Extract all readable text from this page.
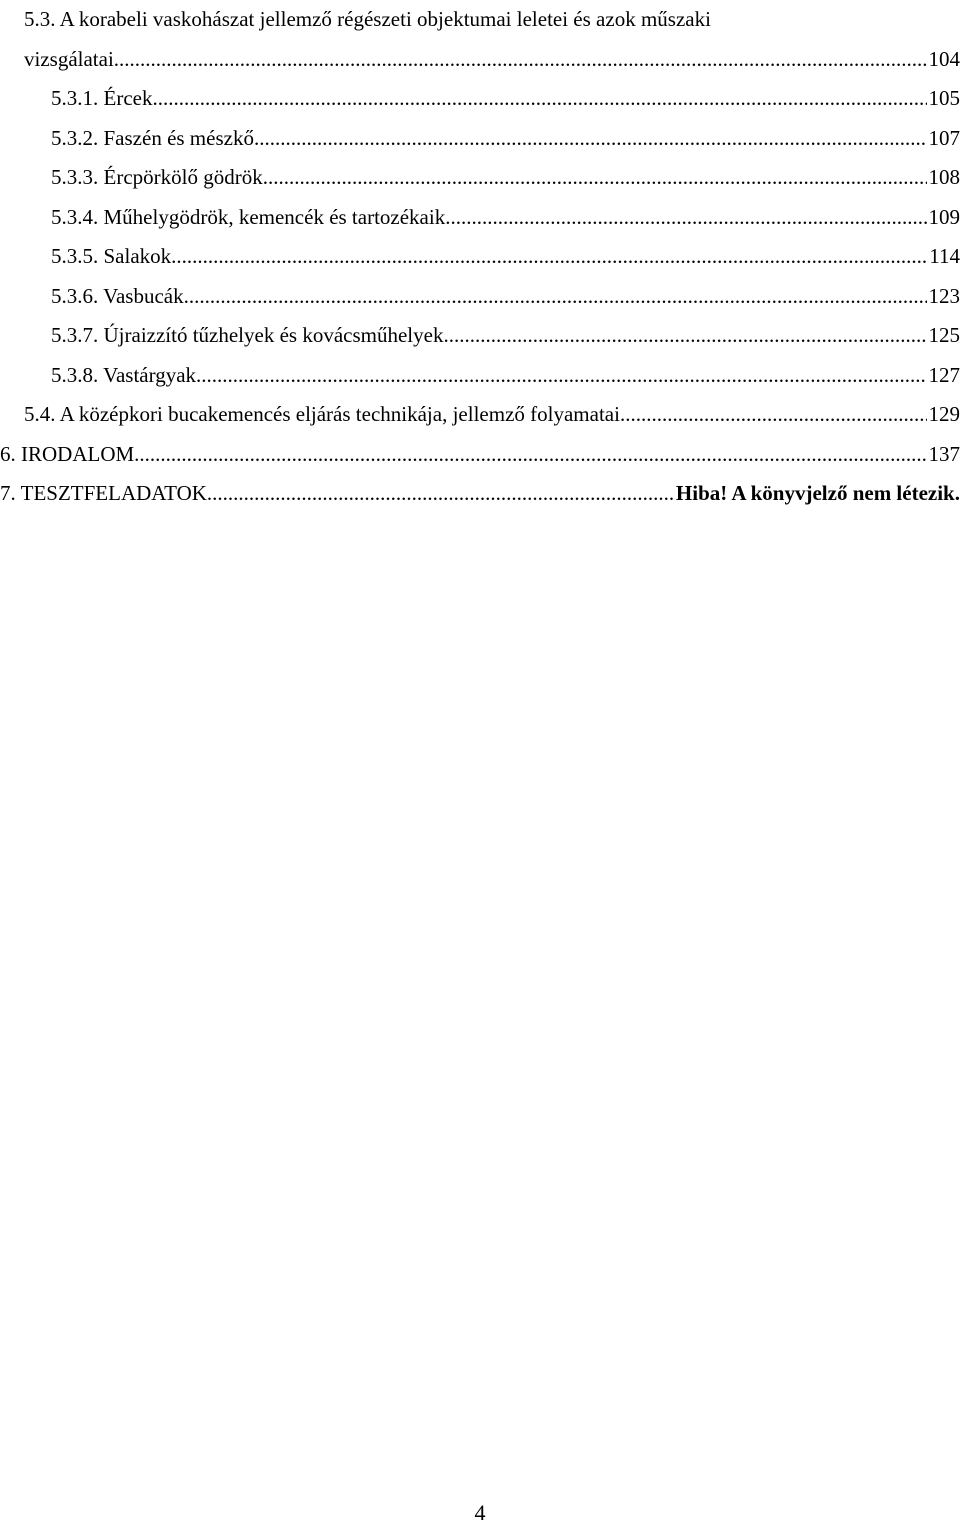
5.3. A korabeli vaskohászat jellemző régészeti objektumai leletei és azok műszaki
vizsgálatai .....	104
5.3.1. Ércek .....	105
5.3.2. Faszén és mészkő .....	107
5.3.3. Ércpörkölő gödrök .....	108
5.3.4. Műhelygödrök, kemencék és tartozékaik .....	109
5.3.5. Salakok .....	114
5.3.6. Vasbucák .....	123
5.3.7. Újraizzító tűzhelyek és kovácsműhelyek .....	125
5.3.8. Vastárgyak .....	127
5.4. A középkori bucakemencés eljárás technikája, jellemző folyamatai .....	129
6. IRODALOM .....	137
7. TESZTFELADATOK .....	Hiba! A könyvjelző nem létezik.
4
